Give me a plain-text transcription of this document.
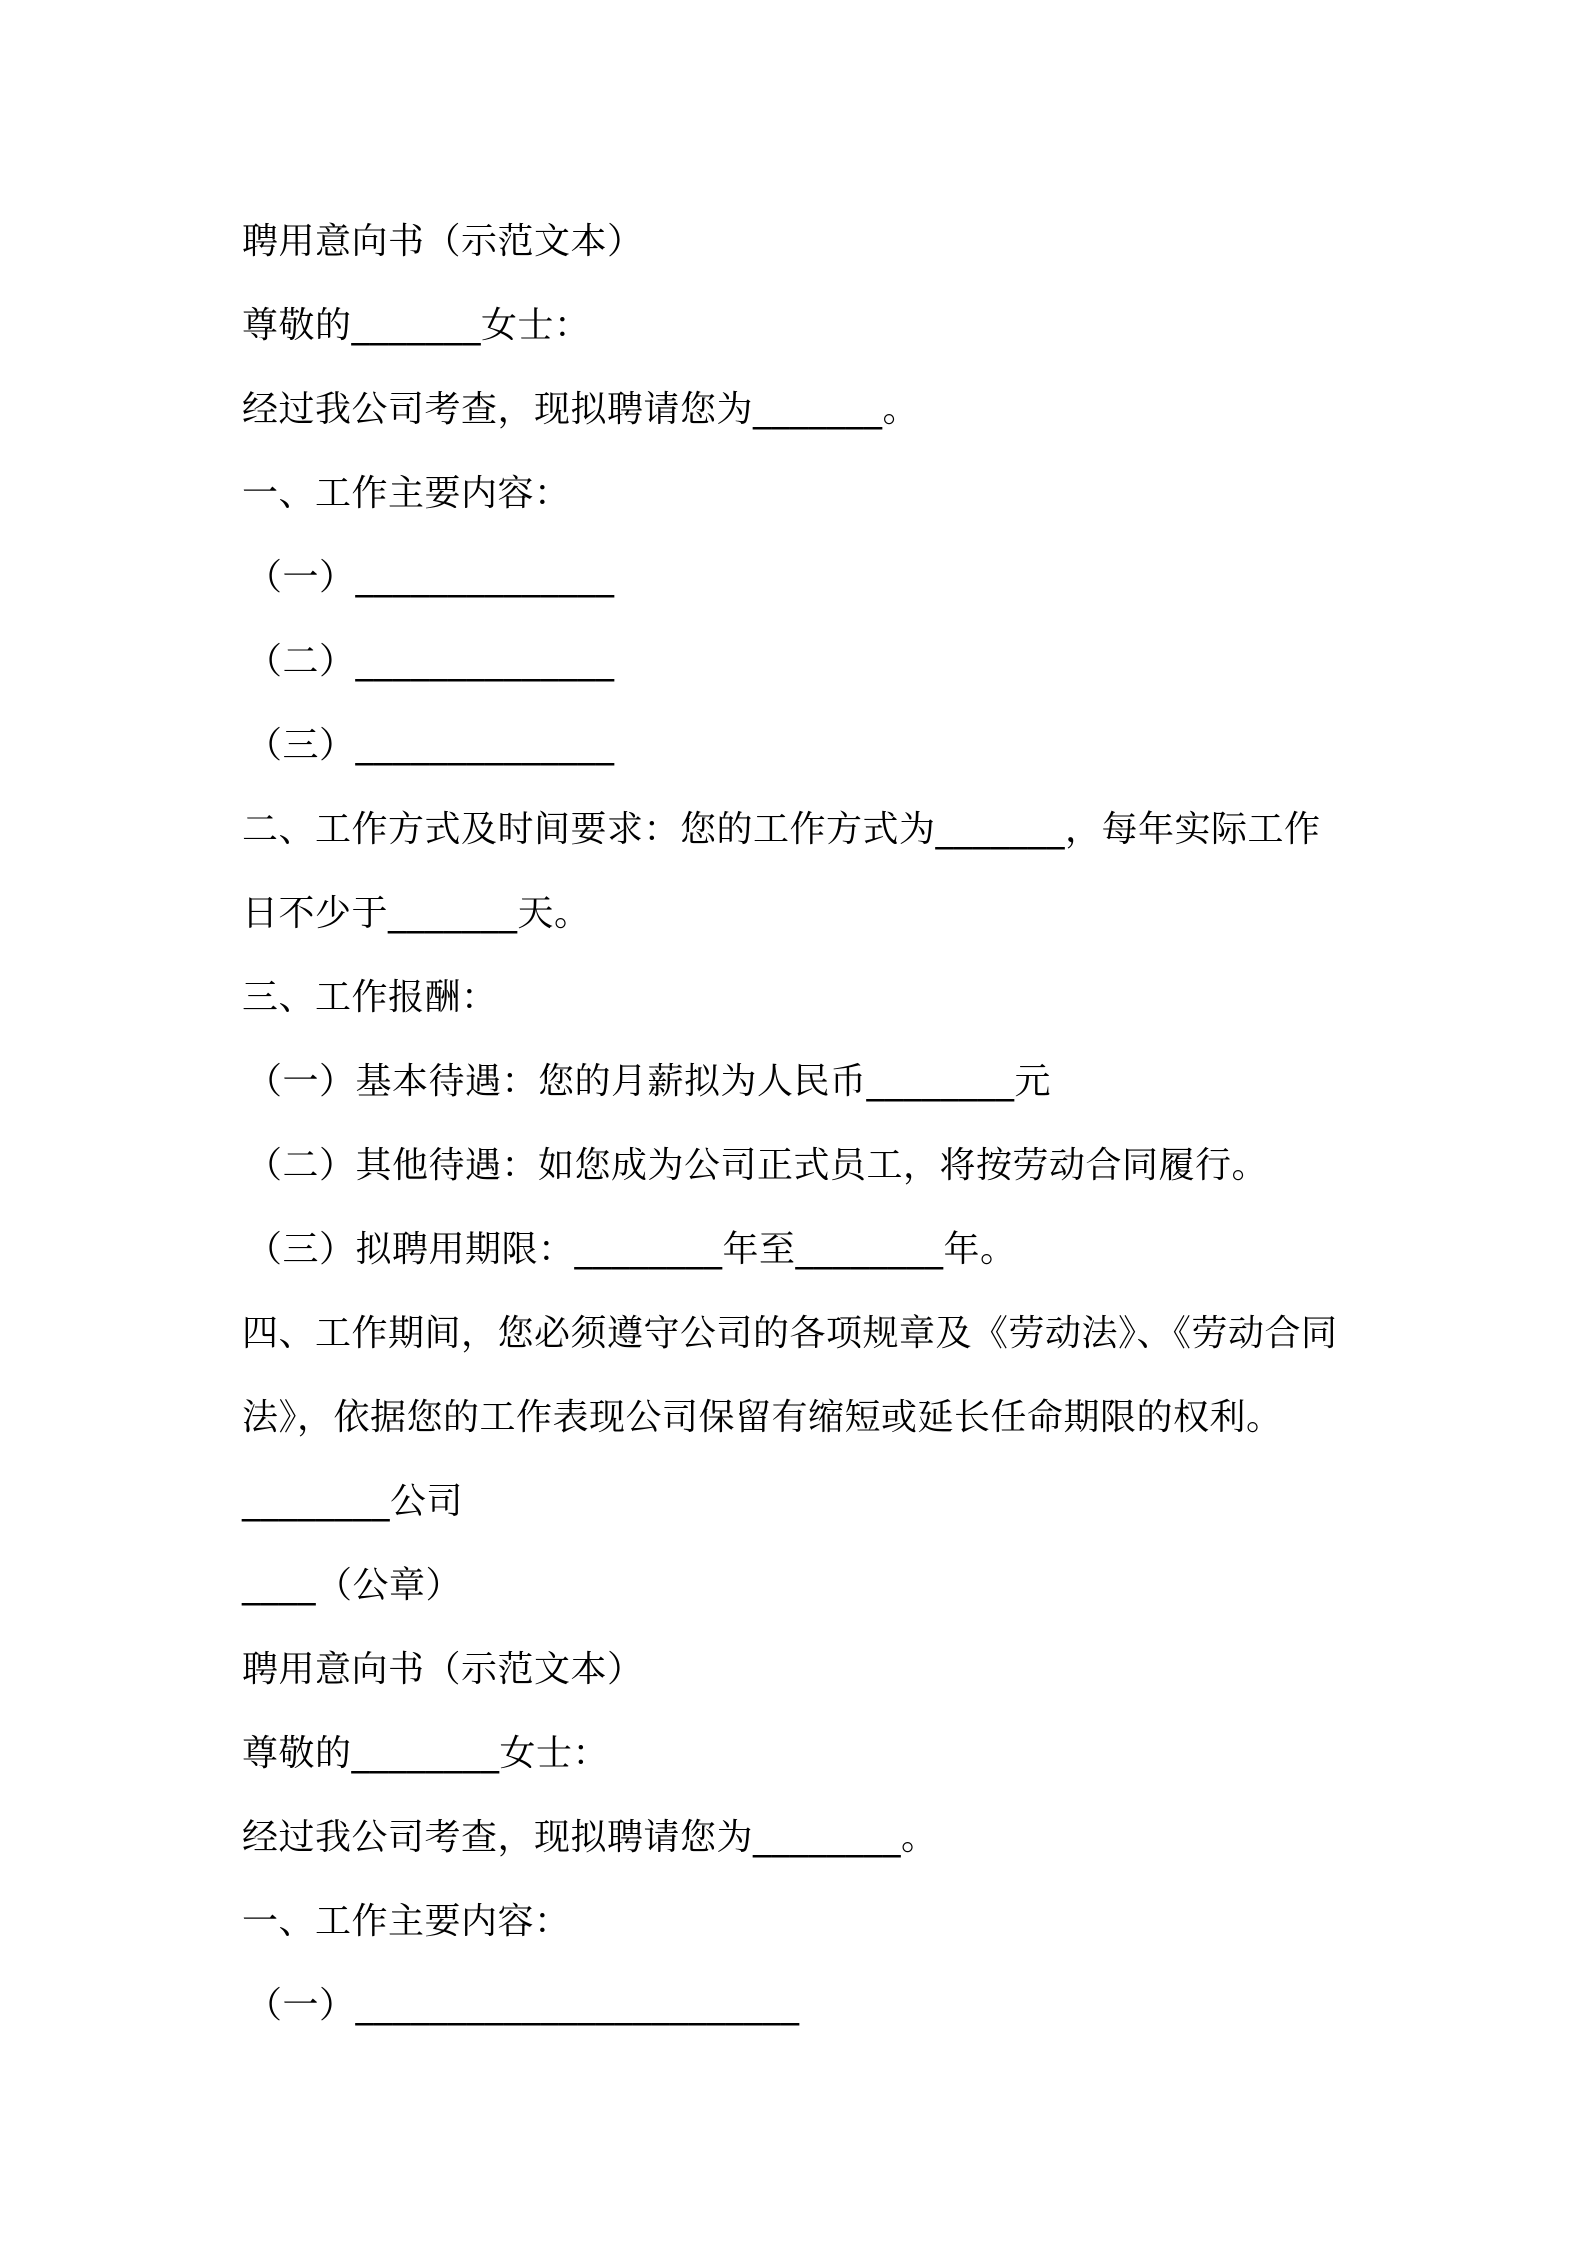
聘用意向书（示范文本）

尊敬的_______女士：

经过我公司考查，现拟聘请您为_______。

一、工作主要内容：

（一）______________

（二）______________

（三）______________

二、工作方式及时间要求：您的工作方式为_______，每年实际工作

日不少于_______天。

三、工作报酬：

（一）基本待遇：您的月薪拟为人民币________元

（二）其他待遇：如您成为公司正式员工，将按劳动合同履行。

（三）拟聘用期限：________年至________年。

四、工作期间，您必须遵守公司的各项规章及《劳动法》、《劳动合同

法》，依据您的工作表现公司保留有缩短或延长任命期限的权利。

________公司

____（公章）

聘用意向书（示范文本）

尊敬的________女士：

经过我公司考查，现拟聘请您为________。

一、工作主要内容：

（一）________________________
